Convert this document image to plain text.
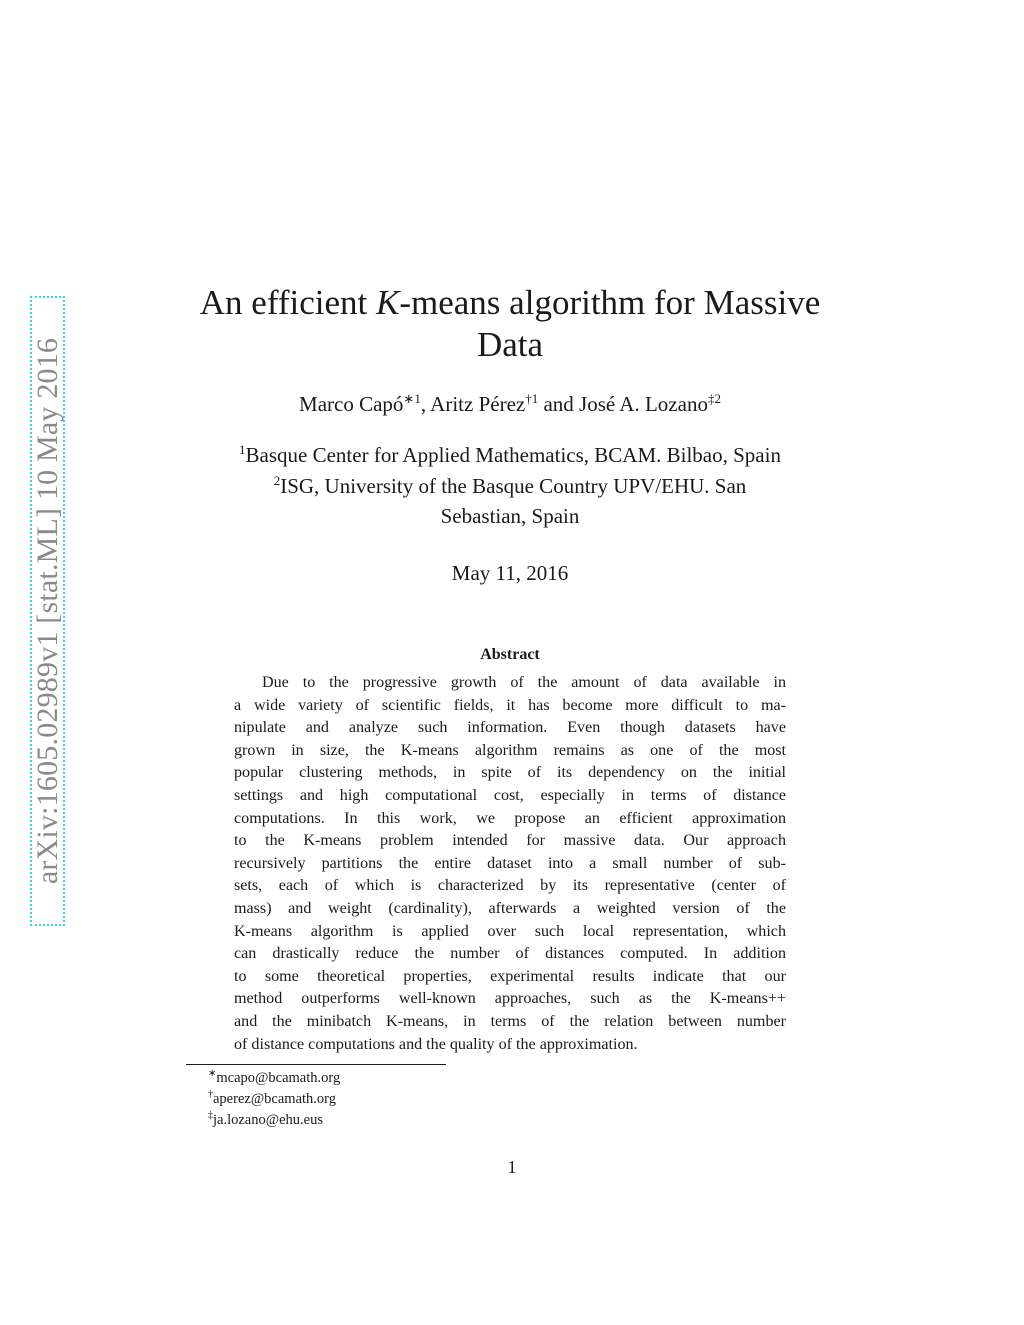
arXiv:1605.02989v1 [stat.ML] 10 May 2016
An efficient K-means algorithm for Massive
Data
Marco Capó$^{∗1}$, Aritz Pérez$^{\dagger 1}$ and José A. Lozano$^{\ddagger 2}$
$^1$Basque Center for Applied Mathematics, BCAM. Bilbao, Spain
$^2$ISG, University of the Basque Country UPV/EHU. San
Sebastian, Spain
May 11, 2016
Abstract
Due to the progressive growth of the amount of data available in
a wide variety of scientific fields, it has become more difficult to ma-
nipulate and analyze such information. Even though datasets have
grown in size, the K-means algorithm remains as one of the most
popular clustering methods, in spite of its dependency on the initial
settings and high computational cost, especially in terms of distance
computations. In this work, we propose an efficient approximation
to the K-means problem intended for massive data. Our approach
recursively partitions the entire dataset into a small number of sub-
sets, each of which is characterized by its representative (center of
mass) and weight (cardinality), afterwards a weighted version of the
K-means algorithm is applied over such local representation, which
can drastically reduce the number of distances computed. In addition
to some theoretical properties, experimental results indicate that our
method outperforms well-known approaches, such as the K-means++
and the minibatch K-means, in terms of the relation between number
of distance computations and the quality of the approximation.
∗mcapo@bcamath.org
†aperez@bcamath.org
‡ja.lozano@ehu.eus
1
